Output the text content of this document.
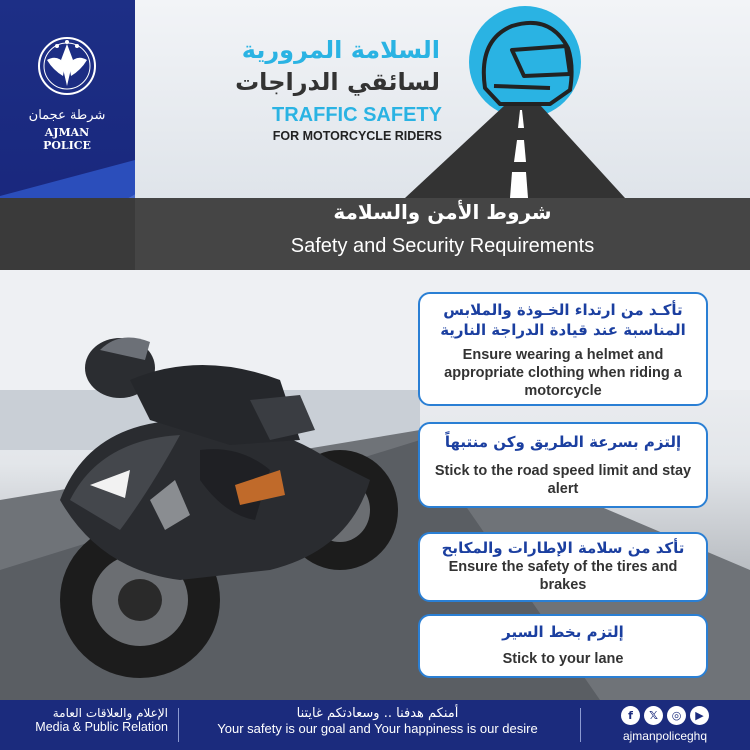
شرطة عجمان
AJMAN POLICE
السلامة المرورية
لسائقي الدراجات
TRAFFIC SAFETY
FOR MOTORCYCLE RIDERS
شروط الأمن والسلامة
Safety and Security Requirements
تأكـد من ارتداء الخـوذة والملابس المناسبة عند قيادة الدراجة النارية
Ensure wearing a helmet and appropriate clothing when riding a motorcycle
إلتزم بسرعة الطريق وكن منتبهاً
Stick to the road speed limit and stay alert
تأكد من سلامة الإطارات والمكابح
Ensure the safety of the tires and brakes
إلتزم بخط السير
Stick to your lane
الإعلام والعلاقات العامة
Media & Public Relation
أمنكم هدفنا .. وسعادتكم غايتنا
Your safety is our goal and Your happiness is our desire
f	𝕏	◎	▶
ajmanpoliceghq
